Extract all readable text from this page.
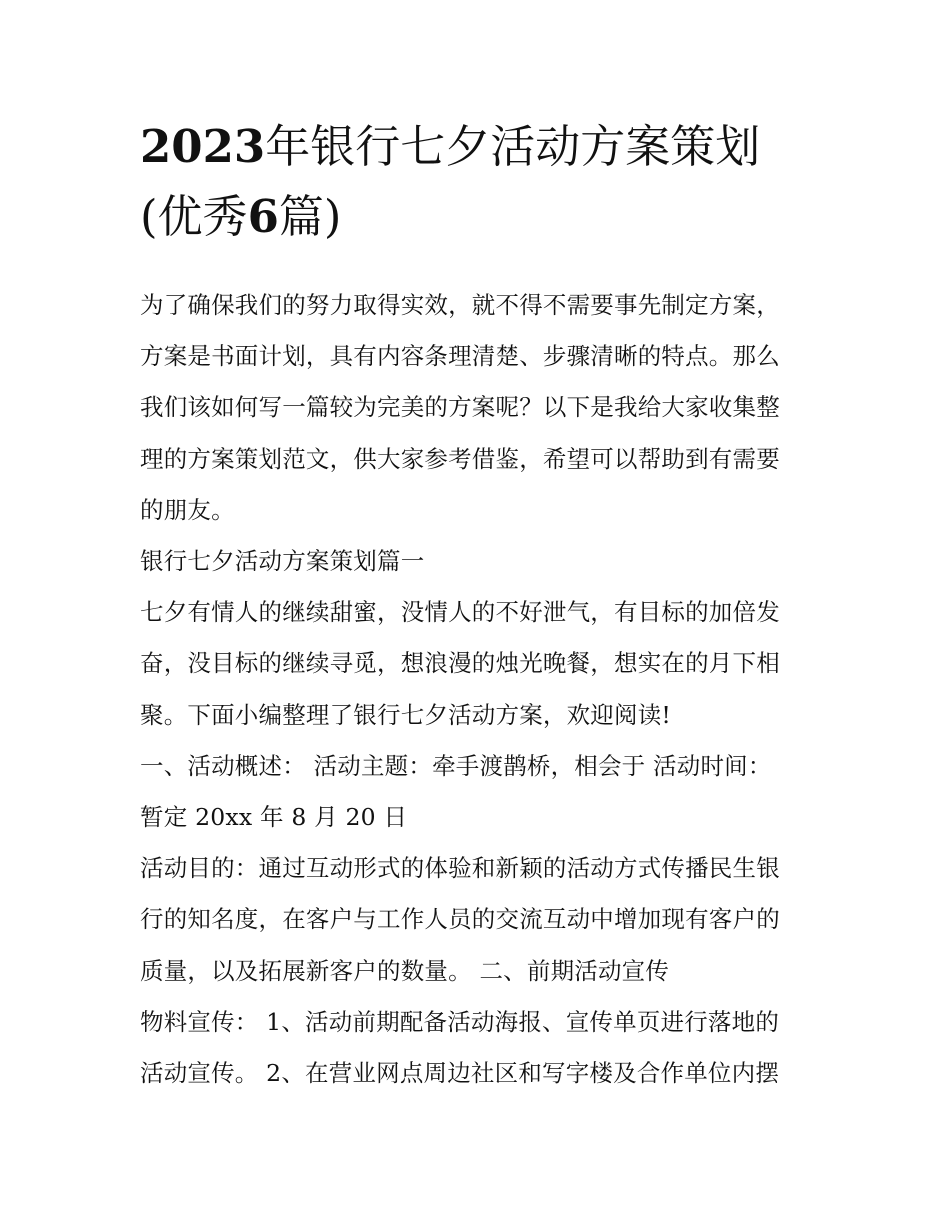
2023年银行七夕活动方案策划
(优秀6篇)

为了确保我们的努力取得实效，就不得不需要事先制定方案，
方案是书面计划，具有内容条理清楚、步骤清晰的特点。那么
我们该如何写一篇较为完美的方案呢？以下是我给大家收集整
理的方案策划范文，供大家参考借鉴，希望可以帮助到有需要
的朋友。

银行七夕活动方案策划篇一

七夕有情人的继续甜蜜，没情人的不好泄气，有目标的加倍发
奋，没目标的继续寻觅，想浪漫的烛光晚餐，想实在的月下相
聚。下面小编整理了银行七夕活动方案，欢迎阅读!

一、活动概述： 活动主题：牵手渡鹊桥，相会于 活动时间：
暂定 20xx 年 8 月 20 日

活动目的：通过互动形式的体验和新颖的活动方式传播民生银
行的知名度，在客户与工作人员的交流互动中增加现有客户的
质量，以及拓展新客户的数量。 二、前期活动宣传

物料宣传： 1、活动前期配备活动海报、宣传单页进行落地的
活动宣传。 2、在营业网点周边社区和写字楼及合作单位内摆
